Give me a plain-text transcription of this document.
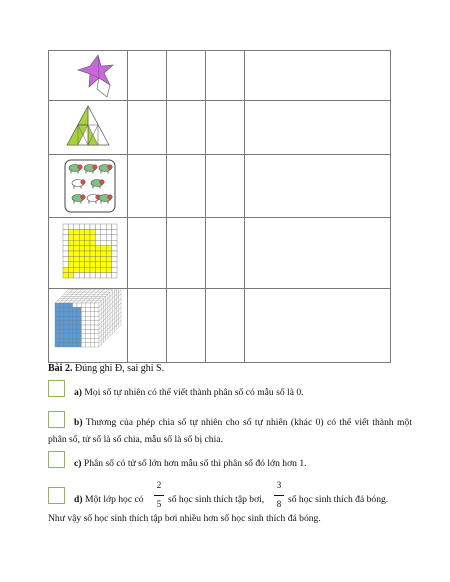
Bài 2. Đúng ghi Đ, sai ghi S.
a) Mọi số tự nhiên có thể viết thành phân số có mẫu số là 0.
b) Thương của phép chia số tự nhiên cho số tự nhiên (khác 0) có thể viết thành một phân số, tử số là số chia, mẫu số là số bị chia.
c) Phân số có tử số lớn hơn mẫu số thì phân số đó lớn hơn 1.
d) Một lớp học có $\frac{2}{5}$ số học sinh thích tập bơi, $\frac{3}{8}$ số học sinh thích đá bóng.
Như vậy số học sinh thích tập bơi nhiều hơn số học sinh thích đá bóng.
